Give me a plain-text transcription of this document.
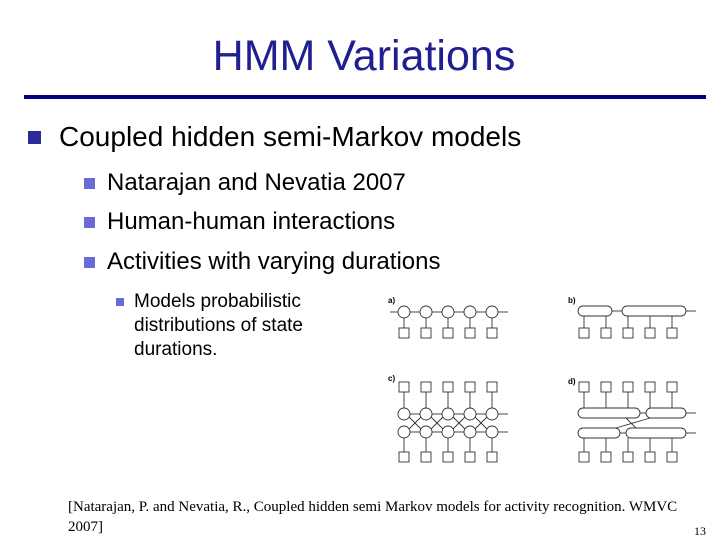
HMM Variations
Coupled hidden semi-Markov models
Natarajan and Nevatia 2007
Human-human interactions
Activities with varying durations
Models probabilistic distributions of state durations.
a)	b)
c)	d)
[Natarajan, P. and Nevatia, R., Coupled hidden semi Markov models for activity recognition. WMVC 2007]	13
